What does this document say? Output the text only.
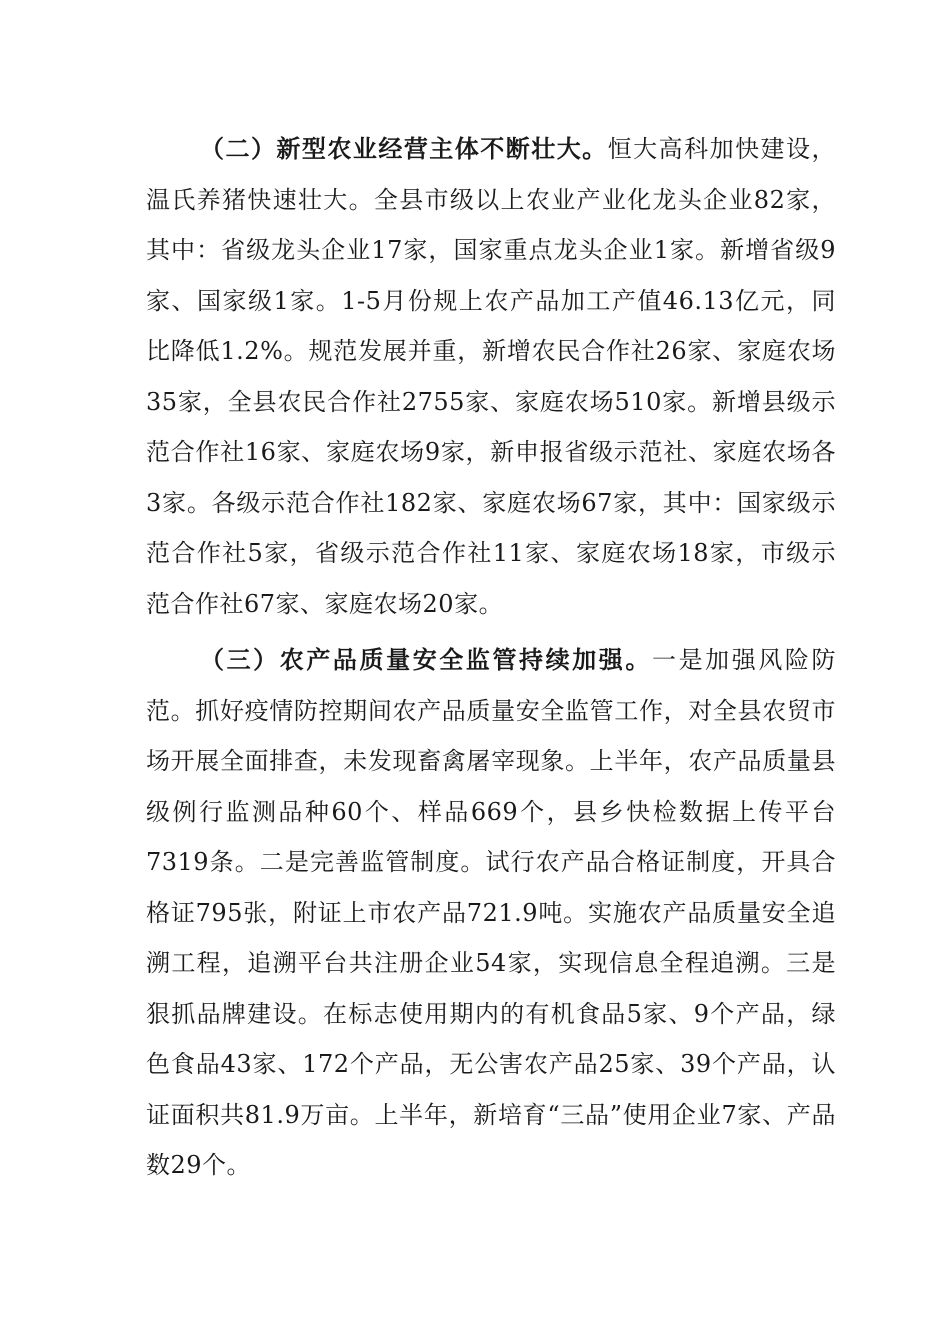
（二）新型农业经营主体不断壮大。恒大高科加快建设，温氏养猪快速壮大。全县市级以上农业产业化龙头企业82家，其中：省级龙头企业17家，国家重点龙头企业1家。新增省级9家、国家级1家。1-5月份规上农产品加工产值46.13亿元，同比降低1.2%。规范发展并重，新增农民合作社26家、家庭农场35家，全县农民合作社2755家、家庭农场510家。新增县级示范合作社16家、家庭农场9家，新申报省级示范社、家庭农场各3家。各级示范合作社182家、家庭农场67家，其中：国家级示范合作社5家，省级示范合作社11家、家庭农场18家，市级示范合作社67家、家庭农场20家。

（三）农产品质量安全监管持续加强。一是加强风险防范。抓好疫情防控期间农产品质量安全监管工作，对全县农贸市场开展全面排查，未发现畜禽屠宰现象。上半年，农产品质量县级例行监测品种60个、样品669个，县乡快检数据上传平台7319条。二是完善监管制度。试行农产品合格证制度，开具合格证795张，附证上市农产品721.9吨。实施农产品质量安全追溯工程，追溯平台共注册企业54家，实现信息全程追溯。三是狠抓品牌建设。在标志使用期内的有机食品5家、9个产品，绿色食品43家、172个产品，无公害农产品25家、39个产品，认证面积共81.9万亩。上半年，新培育“三品”使用企业7家、产品数29个。
